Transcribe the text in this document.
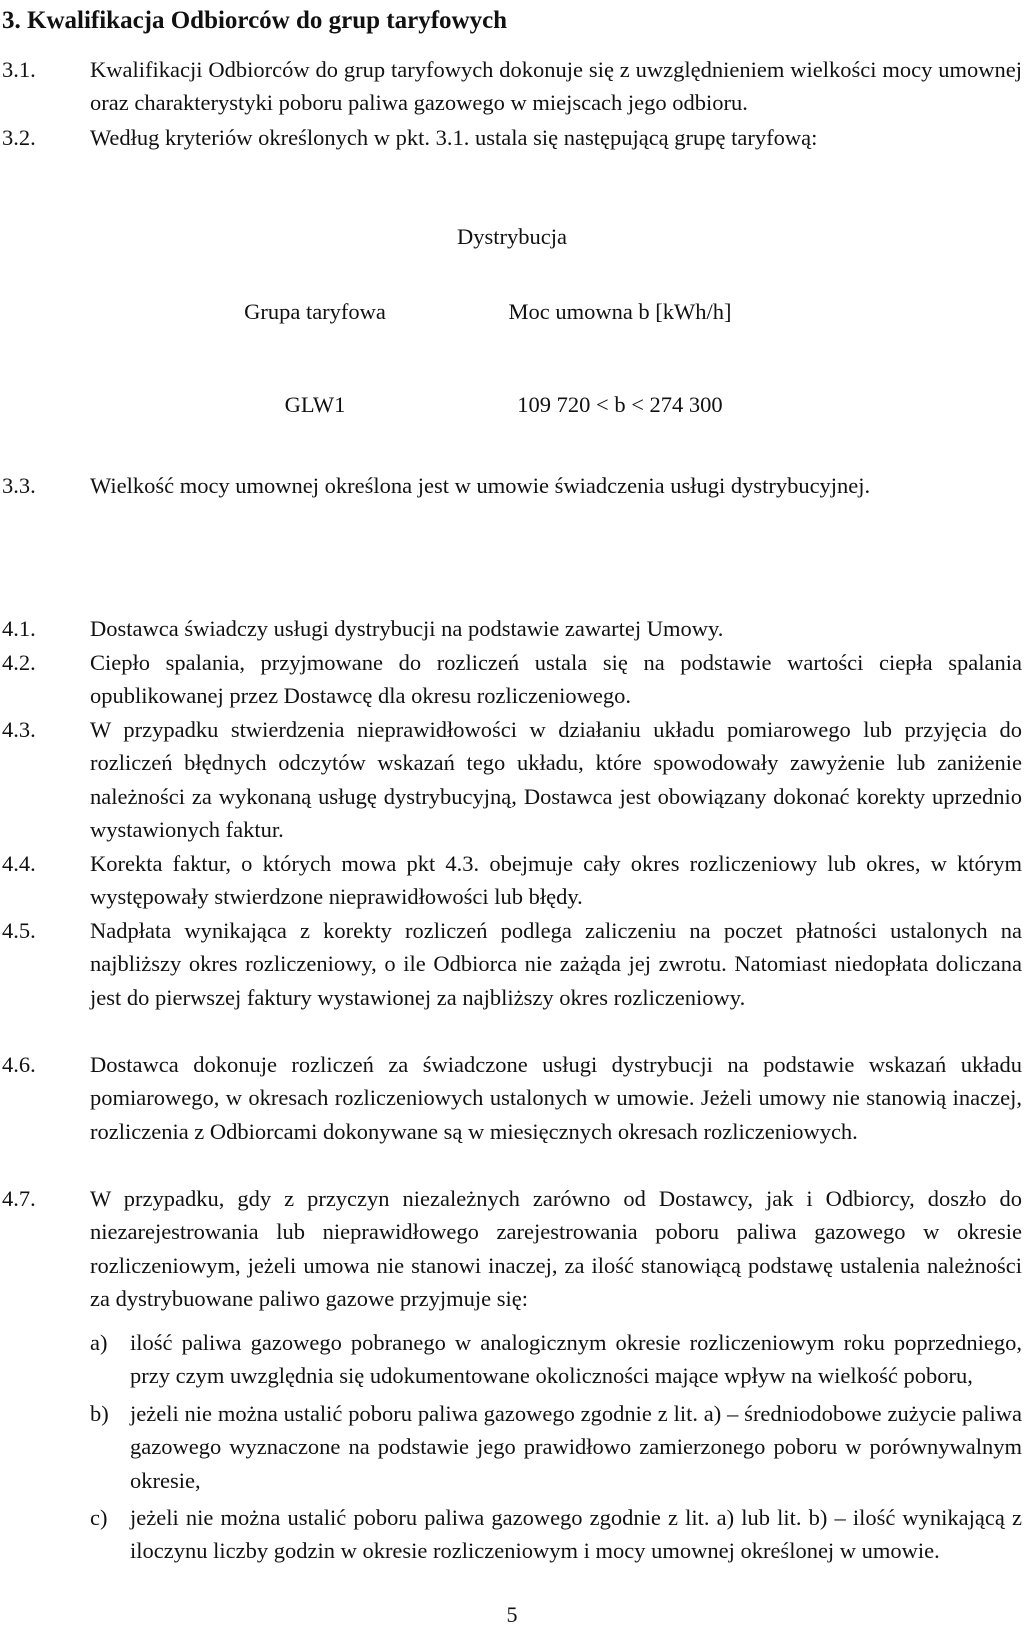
3. Kwalifikacja Odbiorców do grup taryfowych
3.1.	Kwalifikacji Odbiorców do grup taryfowych dokonuje się z uwzględnieniem wielkości mocy umownej oraz charakterystyki poboru paliwa gazowego w miejscach jego odbioru.
3.2.	Według kryteriów określonych w pkt. 3.1. ustala się następującą grupę taryfową:
Dystrybucja
Grupa taryfowa	Moc umowna b [kWh/h]
GLW1	109 720 < b < 274 300
3.3.	Wielkość mocy umownej określona jest w umowie świadczenia usługi dystrybucyjnej.
4.1.	Dostawca świadczy usługi dystrybucji na podstawie zawartej Umowy.
4.2.	Ciepło spalania, przyjmowane do rozliczeń ustala się na podstawie wartości ciepła spalania opublikowanej przez Dostawcę dla okresu rozliczeniowego.
4.3.	W przypadku stwierdzenia nieprawidłowości w działaniu układu pomiarowego lub przyjęcia do rozliczeń błędnych odczytów wskazań tego układu, które spowodowały zawyżenie lub zaniżenie należności za wykonaną usługę dystrybucyjną, Dostawca jest obowiązany dokonać korekty uprzednio wystawionych faktur.
4.4.	Korekta faktur, o których mowa pkt 4.3. obejmuje cały okres rozliczeniowy lub okres, w którym występowały stwierdzone nieprawidłowości lub błędy.
4.5.	Nadpłata wynikająca z korekty rozliczeń podlega zaliczeniu na poczet płatności ustalonych na najbliższy okres rozliczeniowy, o ile Odbiorca nie zażąda jej zwrotu. Natomiast niedopłata doliczana jest do pierwszej faktury wystawionej za najbliższy okres rozliczeniowy.
4.6.	Dostawca dokonuje rozliczeń za świadczone usługi dystrybucji na podstawie wskazań układu pomiarowego, w okresach rozliczeniowych ustalonych w umowie. Jeżeli umowy nie stanowią inaczej, rozliczenia z Odbiorcami dokonywane są w miesięcznych okresach rozliczeniowych.
4.7.	W przypadku, gdy z przyczyn niezależnych zarówno od Dostawcy, jak i Odbiorcy, doszło do niezarejestrowania lub nieprawidłowego zarejestrowania poboru paliwa gazowego w okresie rozliczeniowym, jeżeli umowa nie stanowi inaczej, za ilość stanowiącą podstawę ustalenia należności za dystrybuowane paliwo gazowe przyjmuje się:
a)	ilość paliwa gazowego pobranego w analogicznym okresie rozliczeniowym roku poprzedniego, przy czym uwzględnia się udokumentowane okoliczności mające wpływ na wielkość poboru,
b) jeżeli nie można ustalić poboru paliwa gazowego zgodnie z lit. a) – średniodobowe zużycie paliwa gazowego wyznaczone na podstawie jego prawidłowo zamierzonego poboru w porównywalnym okresie,
c)	jeżeli nie można ustalić poboru paliwa gazowego zgodnie z lit. a) lub lit. b) – ilość wynikającą z iloczynu liczby godzin w okresie rozliczeniowym i mocy umownej określonej w umowie.
5
